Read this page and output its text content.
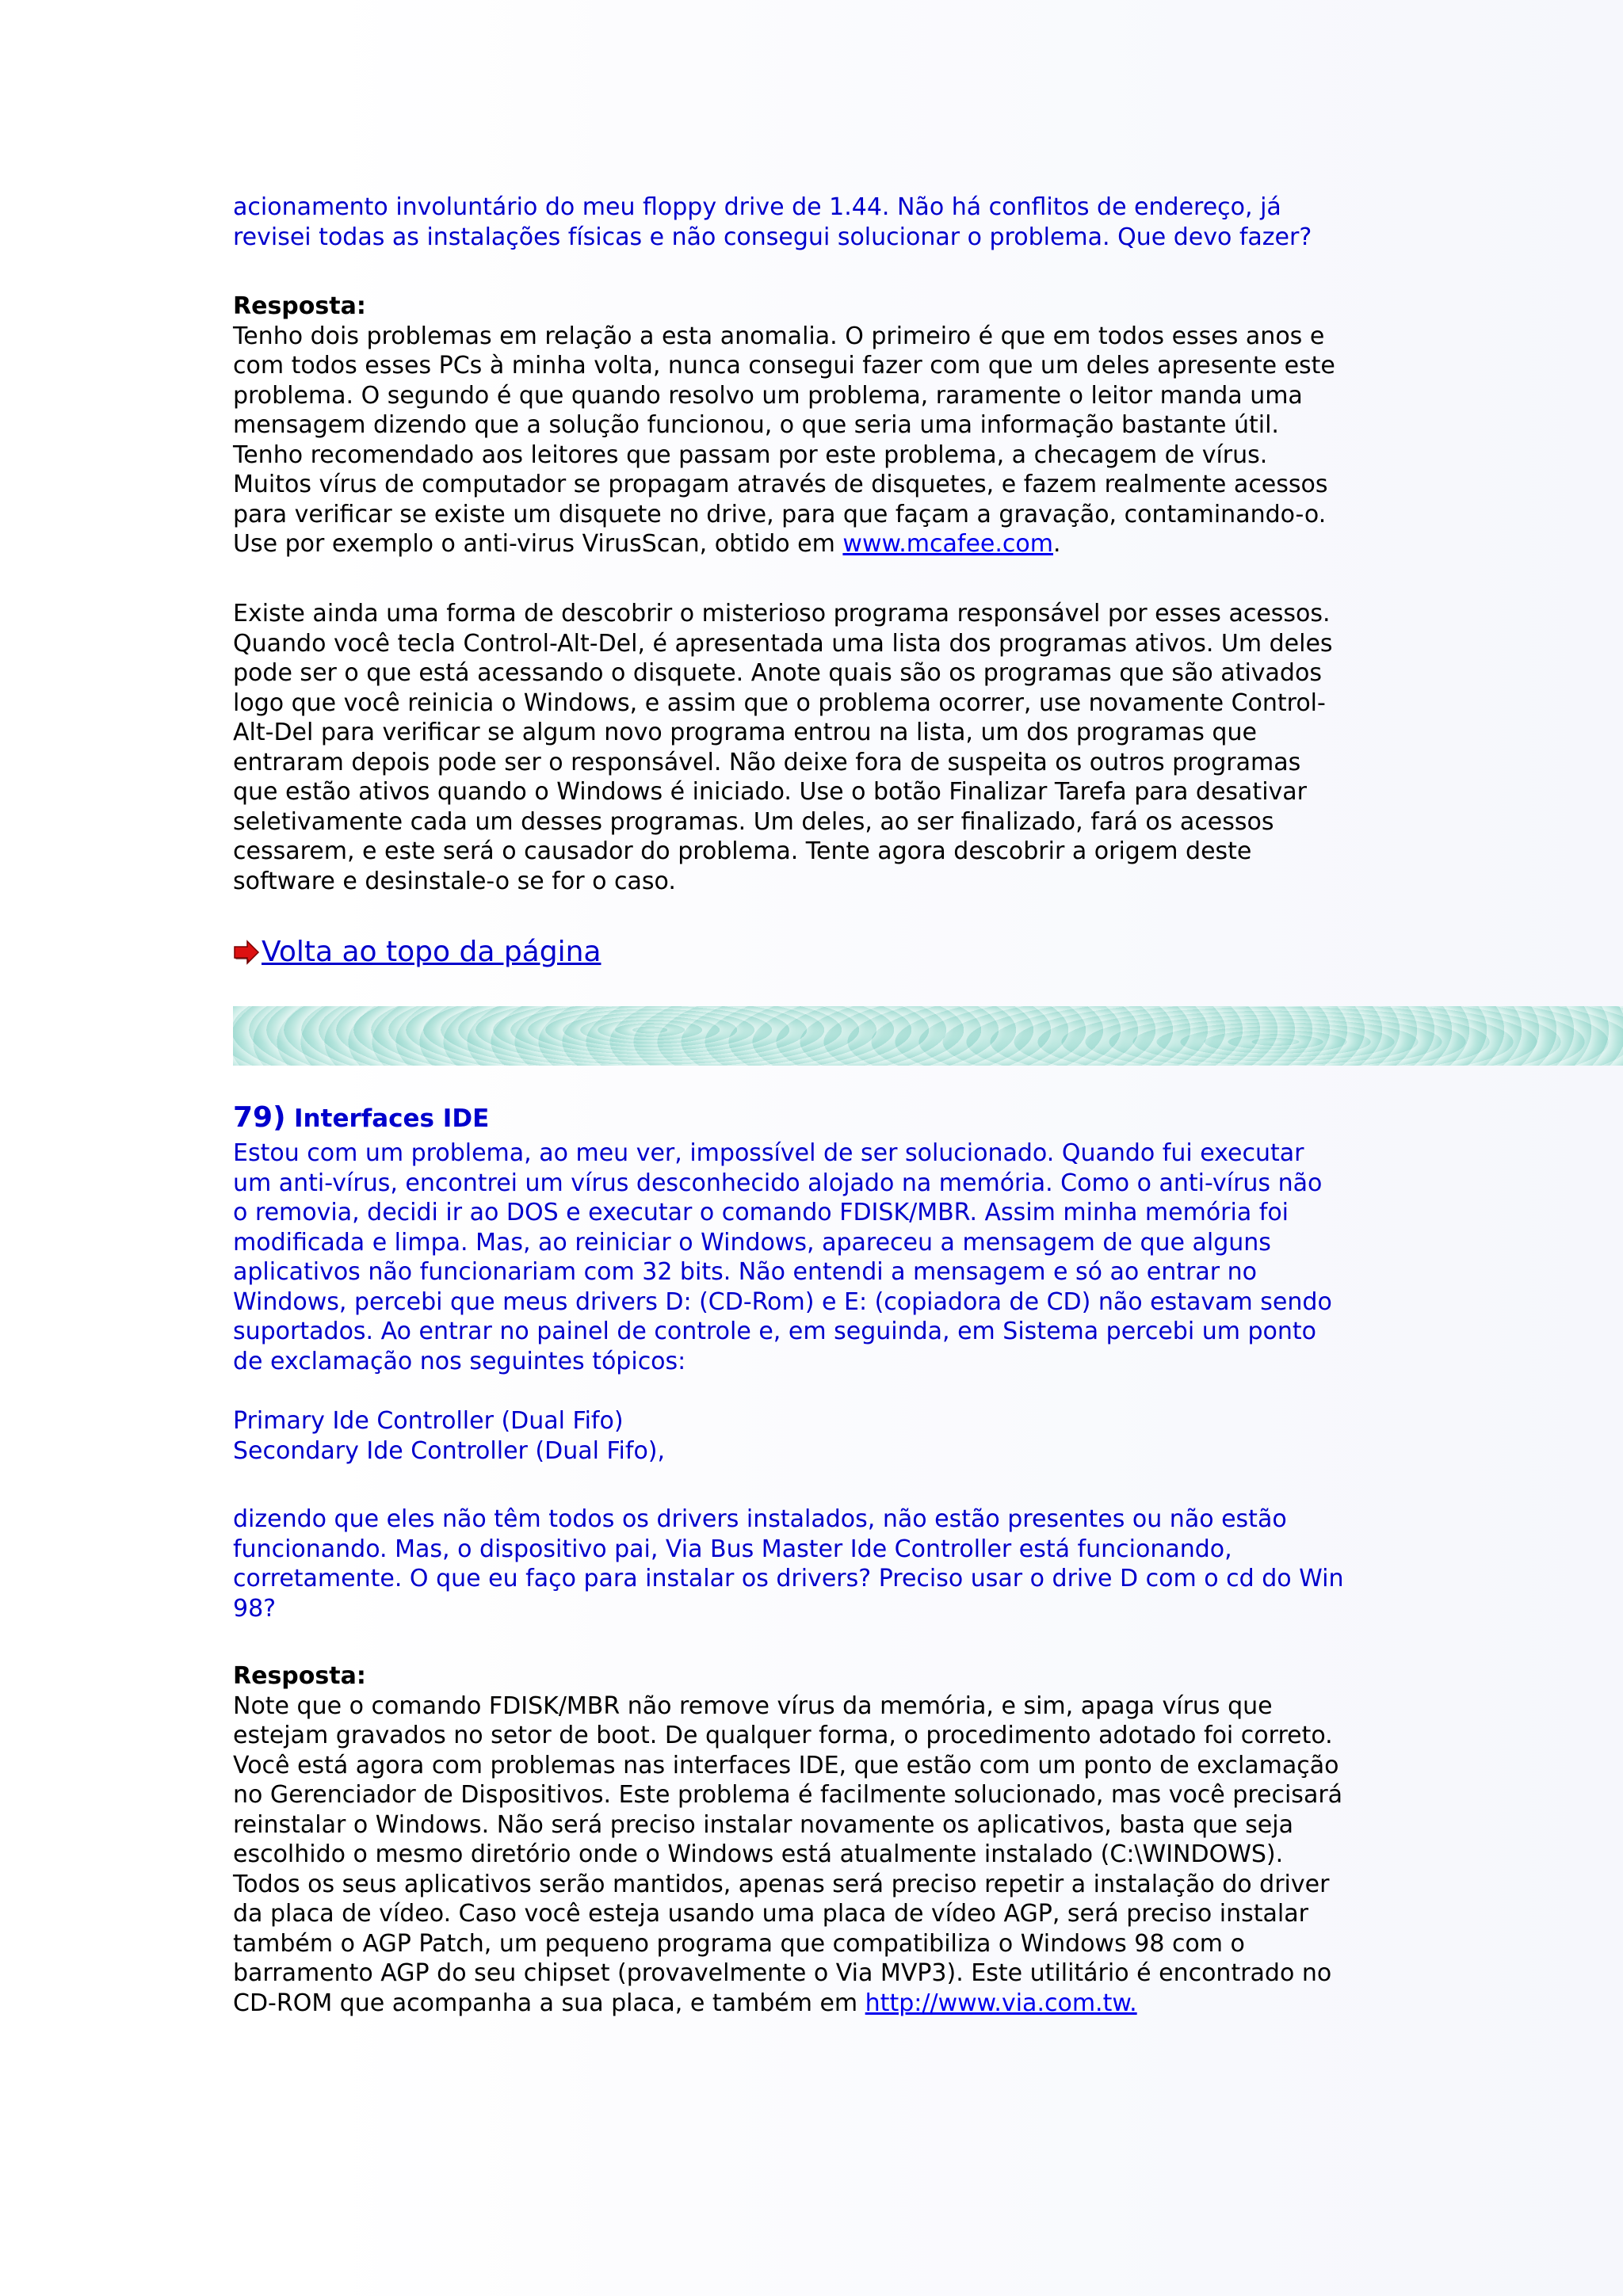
acionamento involuntário do meu floppy drive de 1.44. Não há conflitos de endereço, já
revisei todas as instalações físicas e não consegui solucionar o problema. Que devo fazer?
Resposta:
Tenho dois problemas em relação a esta anomalia. O primeiro é que em todos esses anos e
com todos esses PCs à minha volta, nunca consegui fazer com que um deles apresente este
problema. O segundo é que quando resolvo um problema, raramente o leitor manda uma
mensagem dizendo que a solução funcionou, o que seria uma informação bastante útil.
Tenho recomendado aos leitores que passam por este problema, a checagem de vírus.
Muitos vírus de computador se propagam através de disquetes, e fazem realmente acessos
para verificar se existe um disquete no drive, para que façam a gravação, contaminando-o.
Use por exemplo o anti-virus VirusScan, obtido em www.mcafee.com.
Existe ainda uma forma de descobrir o misterioso programa responsável por esses acessos.
Quando você tecla Control-Alt-Del, é apresentada uma lista dos programas ativos. Um deles
pode ser o que está acessando o disquete. Anote quais são os programas que são ativados
logo que você reinicia o Windows, e assim que o problema ocorrer, use novamente Control-
Alt-Del para verificar se algum novo programa entrou na lista, um dos programas que
entraram depois pode ser o responsável. Não deixe fora de suspeita os outros programas
que estão ativos quando o Windows é iniciado. Use o botão Finalizar Tarefa para desativar
seletivamente cada um desses programas. Um deles, ao ser finalizado, fará os acessos
cessarem, e este será o causador do problema. Tente agora descobrir a origem deste
software e desinstale-o se for o caso.
Volta ao topo da página
79) Interfaces IDE
Estou com um problema, ao meu ver, impossível de ser solucionado. Quando fui executar
um anti-vírus, encontrei um vírus desconhecido alojado na memória. Como o anti-vírus não
o removia, decidi ir ao DOS e executar o comando FDISK/MBR. Assim minha memória foi
modificada e limpa. Mas, ao reiniciar o Windows, apareceu a mensagem de que alguns
aplicativos não funcionariam com 32 bits. Não entendi a mensagem e só ao entrar no
Windows, percebi que meus drivers D: (CD-Rom) e E: (copiadora de CD) não estavam sendo
suportados. Ao entrar no painel de controle e, em seguinda, em Sistema percebi um ponto
de exclamação nos seguintes tópicos:
Primary Ide Controller (Dual Fifo)
Secondary Ide Controller (Dual Fifo),
dizendo que eles não têm todos os drivers instalados, não estão presentes ou não estão
funcionando. Mas, o dispositivo pai, Via Bus Master Ide Controller está funcionando,
corretamente. O que eu faço para instalar os drivers? Preciso usar o drive D com o cd do Win
98?
Resposta:
Note que o comando FDISK/MBR não remove vírus da memória, e sim, apaga vírus que
estejam gravados no setor de boot. De qualquer forma, o procedimento adotado foi correto.
Você está agora com problemas nas interfaces IDE, que estão com um ponto de exclamação
no Gerenciador de Dispositivos. Este problema é facilmente solucionado, mas você precisará
reinstalar o Windows. Não será preciso instalar novamente os aplicativos, basta que seja
escolhido o mesmo diretório onde o Windows está atualmente instalado (C:\WINDOWS).
Todos os seus aplicativos serão mantidos, apenas será preciso repetir a instalação do driver
da placa de vídeo. Caso você esteja usando uma placa de vídeo AGP, será preciso instalar
também o AGP Patch, um pequeno programa que compatibiliza o Windows 98 com o
barramento AGP do seu chipset (provavelmente o Via MVP3). Este utilitário é encontrado no
CD-ROM que acompanha a sua placa, e também em http://www.via.com.tw.
